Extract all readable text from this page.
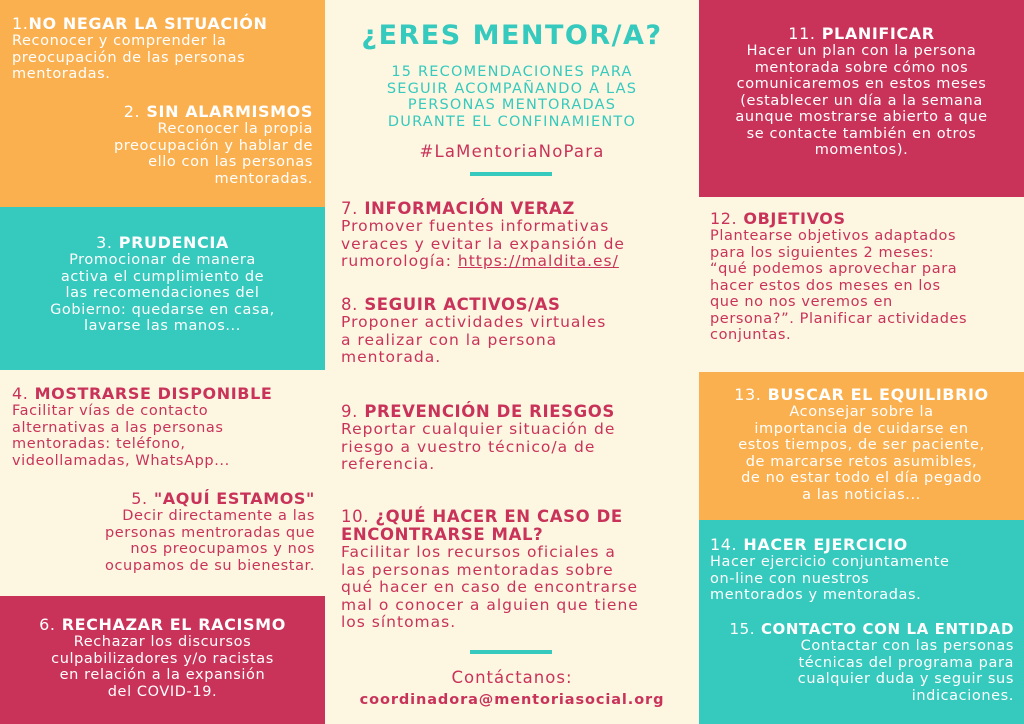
1.NO NEGAR LA SITUACIÓN
Reconocer y comprender la
preocupación de las personas
mentoradas.
2. SIN ALARMISMOS
Reconocer la propia
preocupación y hablar de
ello con las personas
mentoradas.
3. PRUDENCIA
Promocionar de manera
activa el cumplimiento de
las recomendaciones del
Gobierno: quedarse en casa,
lavarse las manos...
4. MOSTRARSE DISPONIBLE
Facilitar vías de contacto
alternativas a las personas
mentoradas: teléfono,
videollamadas, WhatsApp...
5. "AQUÍ ESTAMOS"
Decir directamente a las
personas mentroradas que
nos preocupamos y nos
ocupamos de su bienestar.
6. RECHAZAR EL RACISMO
Rechazar los discursos
culpabilizadores y/o racistas
en relación a la expansión
del COVID-19.
¿ERES MENTOR/A?
15 RECOMENDACIONES PARA
SEGUIR ACOMPAÑANDO A LAS
PERSONAS MENTORADAS
DURANTE EL CONFINAMIENTO
#LaMentoriaNoPara
7. INFORMACIÓN VERAZ
Promover fuentes informativas
veraces y evitar la expansión de
rumorología: https://maldita.es/
8. SEGUIR ACTIVOS/AS
Proponer actividades virtuales
a realizar con la persona
mentorada.
9. PREVENCIÓN DE RIESGOS
Reportar cualquier situación de
riesgo a vuestro técnico/a de
referencia.
10. ¿QUÉ HACER EN CASO DE
ENCONTRARSE MAL?
Facilitar los recursos oficiales a
las personas mentoradas sobre
qué hacer en caso de encontrarse
mal o conocer a alguien que tiene
los síntomas.
Contáctanos:
coordinadora@mentoriasocial.org
11. PLANIFICAR
Hacer un plan con la persona
mentorada sobre cómo nos
comunicaremos en estos meses
(establecer un día a la semana
aunque mostrarse abierto a que
se contacte también en otros
momentos).
12. OBJETIVOS
Plantearse objetivos adaptados
para los siguientes 2 meses:
“qué podemos aprovechar para
hacer estos dos meses en los
que no nos veremos en
persona?”. Planificar actividades
conjuntas.
13. BUSCAR EL EQUILIBRIO
Aconsejar sobre la
importancia de cuidarse en
estos tiempos, de ser paciente,
de marcarse retos asumibles,
de no estar todo el día pegado
a las noticias...
14. HACER EJERCICIO
Hacer ejercicio conjuntamente
on-line con nuestros
mentorados y mentoradas.
15. CONTACTO CON LA ENTIDAD
Contactar con las personas
técnicas del programa para
cualquier duda y seguir sus
indicaciones.
